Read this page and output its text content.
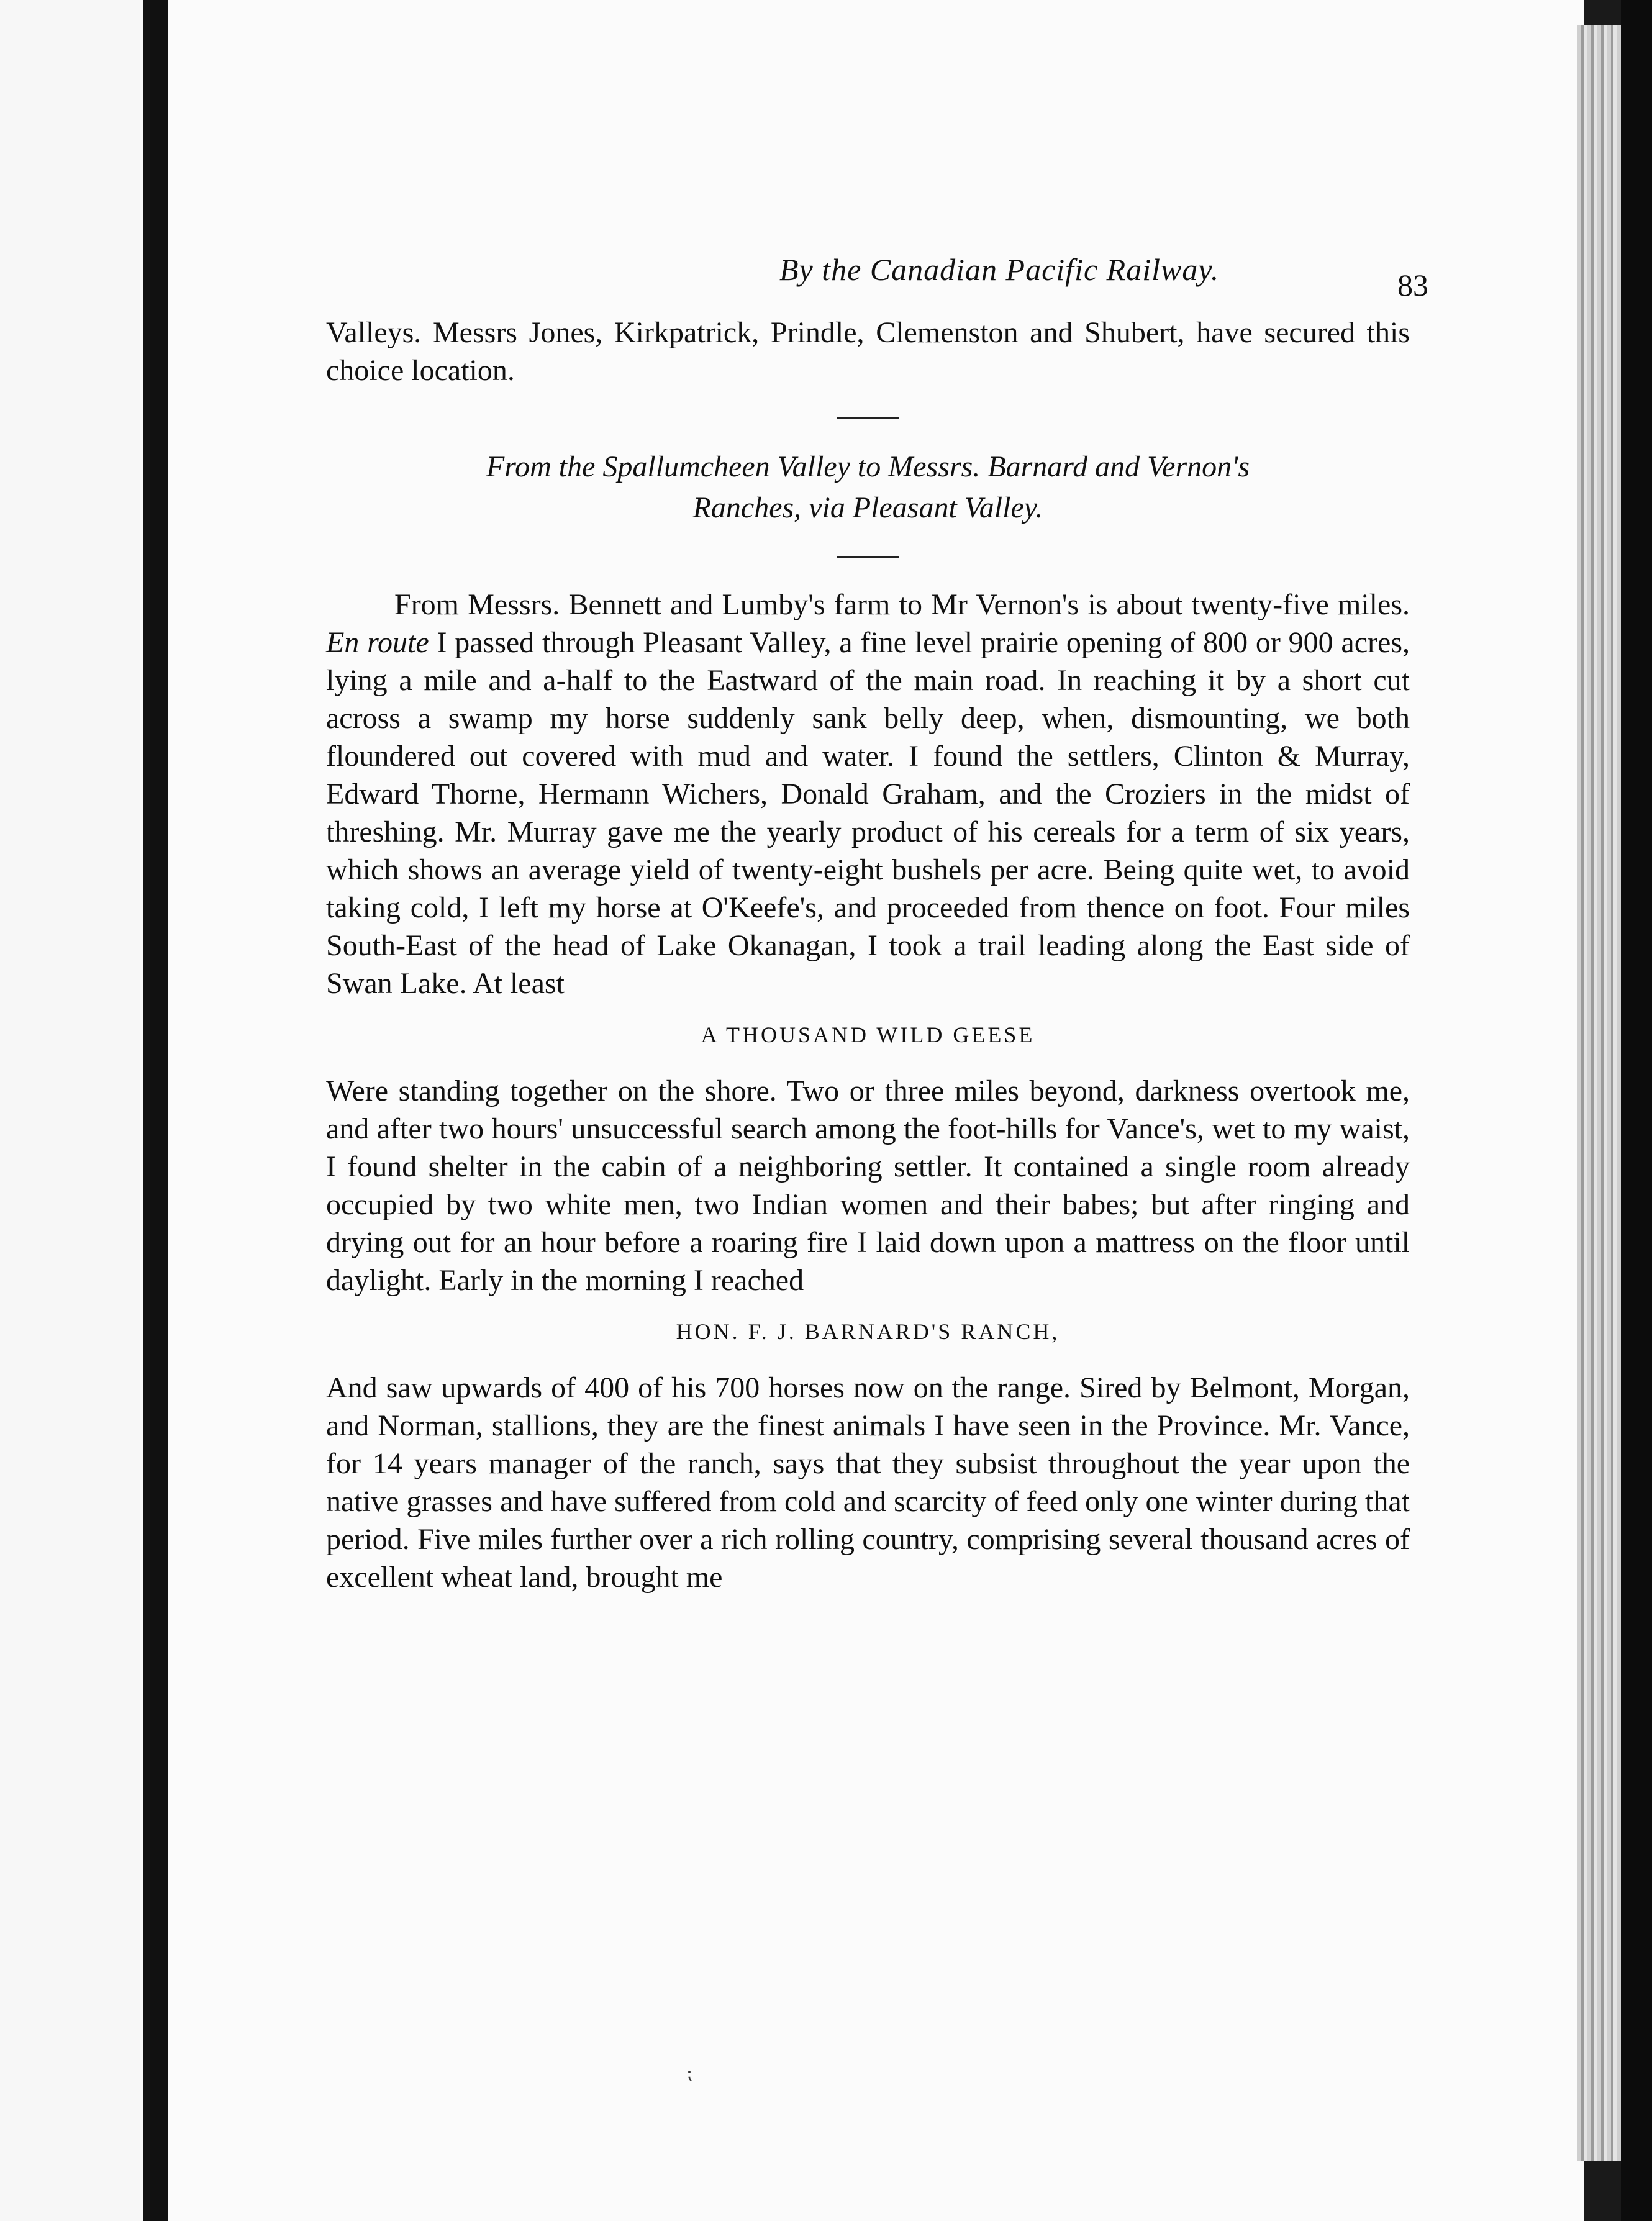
By the Canadian Pacific Railway.	83

Valleys. Messrs Jones, Kirkpatrick, Prindle, Clemenston and Shubert, have secured this choice location.

From the Spallumcheen Valley to Messrs. Barnard and Vernon's

Ranches, via Pleasant Valley.

From Messrs. Bennett and Lumby's farm to Mr Vernon's is about twenty-five miles. En route I passed through Pleasant Valley, a fine level prairie opening of 800 or 900 acres, lying a mile and a-half to the Eastward of the main road. In reaching it by a short cut across a swamp my horse suddenly sank belly deep, when, dismounting, we both floundered out covered with mud and water. I found the settlers, Clinton & Murray, Edward Thorne, Hermann Wichers, Donald Graham, and the Croziers in the midst of threshing. Mr. Murray gave me the yearly product of his cereals for a term of six years, which shows an average yield of twenty-eight bushels per acre. Being quite wet, to avoid taking cold, I left my horse at O'Keefe's, and proceeded from thence on foot. Four miles South-East of the head of Lake Okanagan, I took a trail leading along the East side of Swan Lake. At least

A THOUSAND WILD GEESE

Were standing together on the shore. Two or three miles beyond, darkness overtook me, and after two hours' unsuccessful search among the foot-hills for Vance's, wet to my waist, I found shelter in the cabin of a neighboring settler. It contained a single room already occupied by two white men, two Indian women and their babes; but after ringing and drying out for an hour before a roaring fire I laid down upon a mattress on the floor until daylight. Early in the morning I reached

HON. F. J. BARNARD'S RANCH,

And saw upwards of 400 of his 700 horses now on the range. Sired by Belmont, Morgan, and Norman, stallions, they are the finest animals I have seen in the Province. Mr. Vance, for 14 years manager of the ranch, says that they subsist throughout the year upon the native grasses and have suffered from cold and scarcity of feed only one winter during that period. Five miles further over a rich rolling country, comprising several thousand acres of excellent wheat land, brought me

⁏
